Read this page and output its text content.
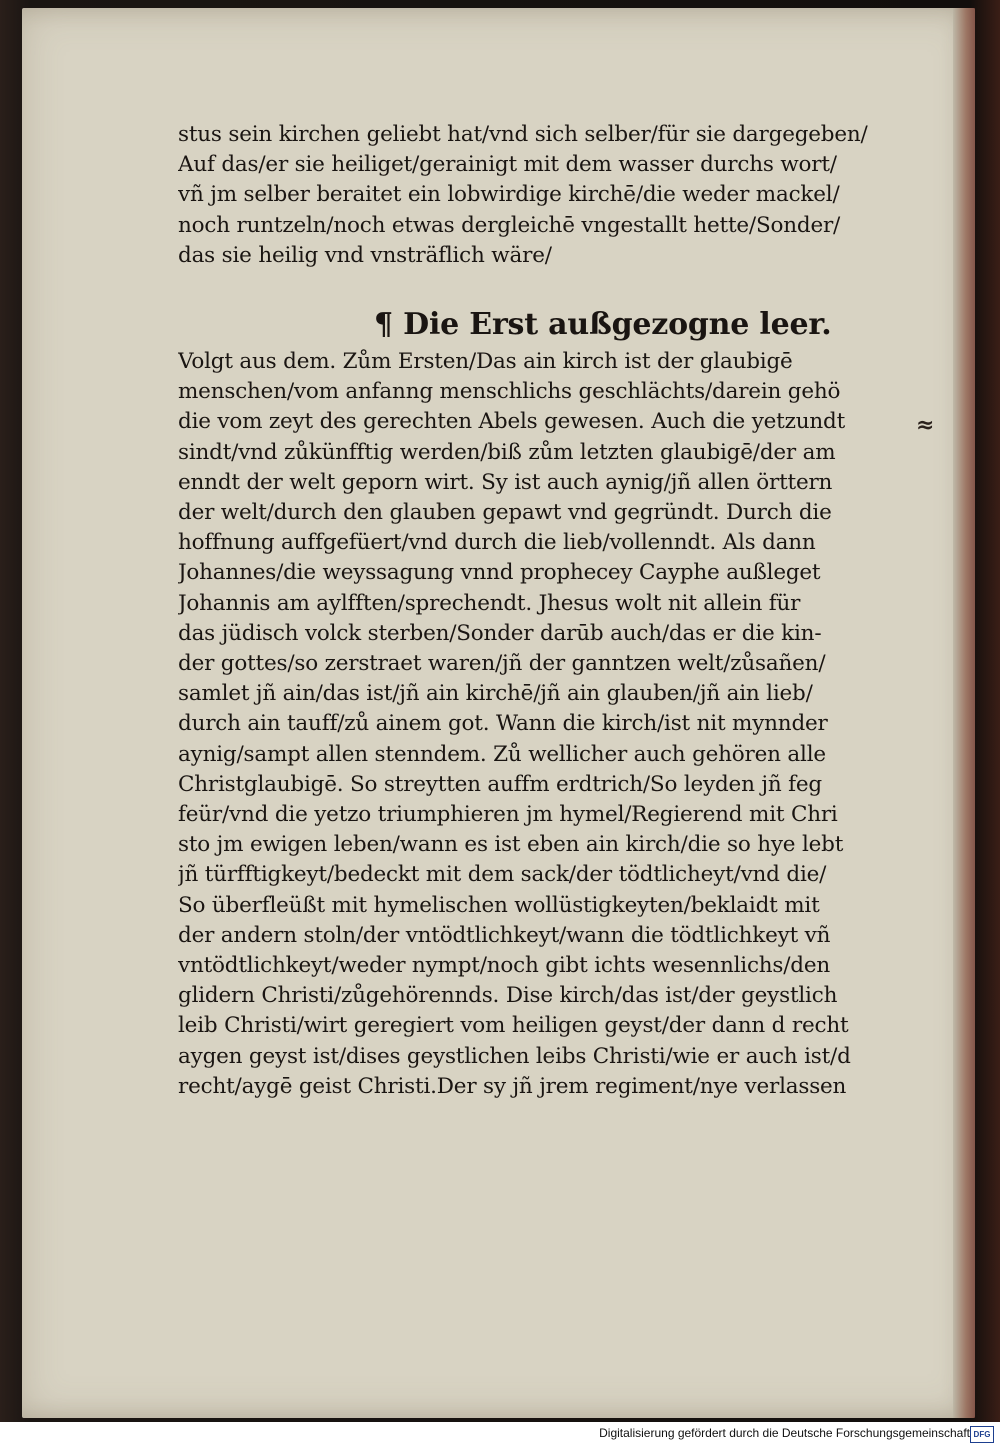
stus sein kirchen geliebt hat/vnd sich selber/für sie dargegeben/
Auf das/er sie heiliget/gerainigt mit dem wasser durchs wort/
vñ jm selber beraitet ein lobwirdige kirchē/die weder mackel/
noch runtzeln/noch etwas dergleichē vngestallt hette/Sonder/
das sie heilig vnd vnsträflich wäre/
¶ Die Erst außgezogne leer.
Volgt aus dem. Zům Ersten/Das ain kirch ist der glaubigē
menschen/vom anfanng menschlichs geschlächts/darein gehö
die vom zeyt des gerechten Abels gewesen. Auch die yetzundt
sindt/vnd zůkünfftig werden/biß zům letzten glaubigē/der am
enndt der welt geporn wirt. Sy ist auch aynig/jñ allen örttern
der welt/durch den glauben gepawt vnd gegründt. Durch die
hoffnung auffgefüert/vnd durch die lieb/vollenndt. Als dann
Johannes/die weyssagung vnnd prophecey Cayphe außleget
Johannis am aylfften/sprechendt. Jhesus wolt nit allein für
das jüdisch volck sterben/Sonder darūb auch/das er die kin-
der gottes/so zerstraet waren/jñ der ganntzen welt/zůsañen/
samlet jñ ain/das ist/jñ ain kirchē/jñ ain glauben/jñ ain lieb/
durch ain tauff/zů ainem got. Wann die kirch/ist nit mynnder
aynig/sampt allen stenndem. Zů wellicher auch gehören alle
Christglaubigē. So streytten auffm erdtrich/So leyden jñ feg
feür/vnd die yetzo triumphieren jm hymel/Regierend mit Chri
sto jm ewigen leben/wann es ist eben ain kirch/die so hye lebt
jñ türfftigkeyt/bedeckt mit dem sack/der tödtlicheyt/vnd die/
So überfleüßt mit hymelischen wollüstigkeyten/beklaidt mit
der andern stoln/der vntödtlichkeyt/wann die tödtlichkeyt vñ
vntödtlichkeyt/weder nympt/noch gibt ichts wesennlichs/den
glidern Christi/zůgehörennds. Dise kirch/das ist/der geystlich
leib Christi/wirt geregiert vom heiligen geyst/der dann d recht
aygen geyst ist/dises geystlichen leibs Christi/wie er auch ist/d
recht/aygē geist Christi.Der sy jñ jrem regiment/nye verlassen
≈
Digitalisierung gefördert durch die Deutsche Forschungsgemeinschaft DFG
